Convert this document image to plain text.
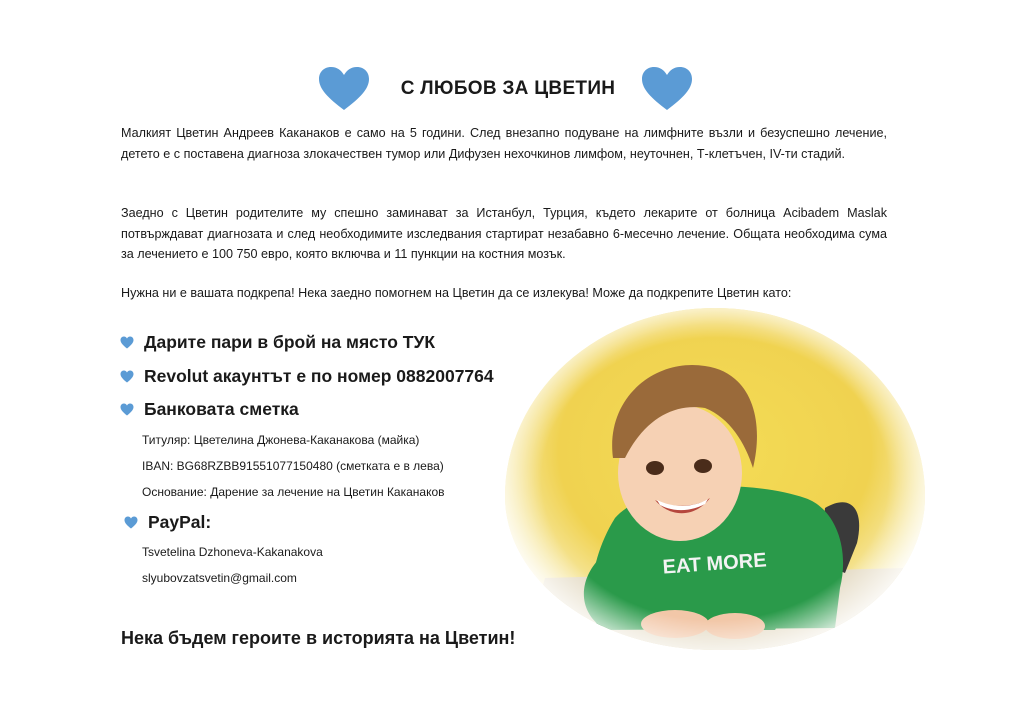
С ЛЮБОВ ЗА ЦВЕТИН

Малкият Цветин Андреев Каканаков е само на 5 години. След внезапно подуване на лимфните възли и безуспешно лечение, детето е с поставена диагноза злокачествен тумор или Дифузен нехочкинов лимфом, неуточнен, Т-клетъчен, IV-ти стадий.

Заедно с Цветин родителите му спешно заминават за Истанбул, Турция, където лекарите от болница Acibadem Maslak потвърждават диагнозата и след необходимите изследвания стартират незабавно 6-месечно лечение. Общата необходима сума за лечението е 100 750 евро, която включва и 11 пункции на костния мозък.

Нужна ни е вашата подкрепа! Нека заедно помогнем на Цветин да се излекува! Може да подкрепите Цветин като:

Дарите пари в брой на място ТУК
Revolut акаунтът е по номер 0882007764
Банковата сметка
Титуляр: Цветелина Джонева-Каканакова (майка)
IBAN: BG68RZBB91551077150480 (сметката е в лева)
Основание: Дарение за лечение на Цветин Каканаков
PayPal:
Tsvetelina Dzhoneva-Kakanakova
slyubovzatsvetin@gmail.com
Нека бъдем героите в историята на Цветин!
